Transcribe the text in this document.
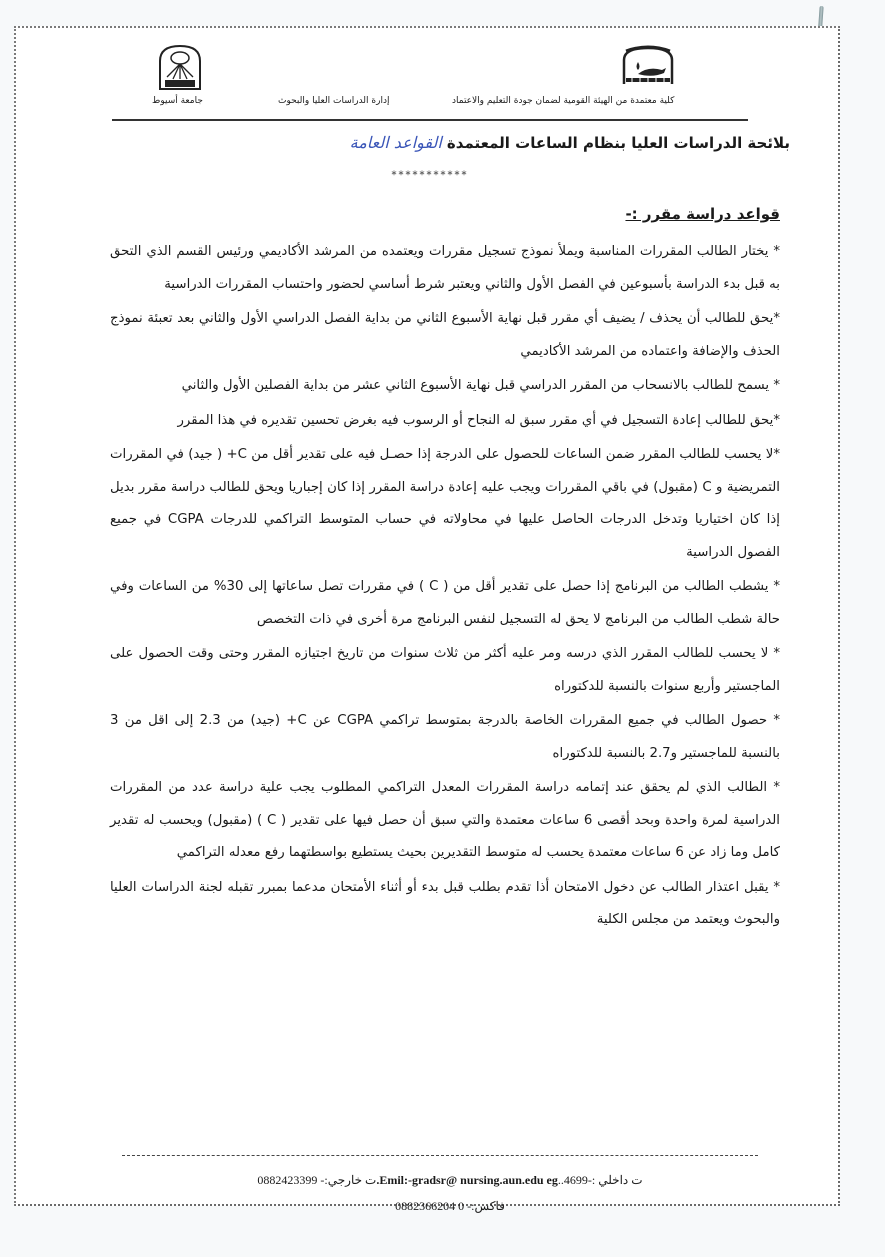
جامعة أسيوط	إدارة الدراسات العليا والبحوث	كلية معتمدة من الهيئة القومية لضمان جودة التعليم والاعتماد
بلائحة الدراسات العليا بنظام الساعات المعتمدة القواعد العامة
***********
قواعد دراسة مقرر :-

* يختار الطالب المقررات المناسبة ويملأ نموذج تسجيل مقررات ويعتمده من المرشد الأكاديمي ورئيس القسم الذي التحق به قبل بدء الدراسة بأسبوعين في الفصل الأول والثاني ويعتبر شرط أساسي لحضور واحتساب المقررات الدراسية

*يحق للطالب أن يحذف / يضيف أي مقرر قبل نهاية الأسبوع الثاني من بداية الفصل الدراسي الأول والثاني بعد تعبئة نموذج الحذف والإضافة واعتماده من المرشد الأكاديمي

* يسمح للطالب بالانسحاب من المقرر الدراسي قبل نهاية الأسبوع الثاني عشر من بداية الفصلين الأول والثاني

*يحق للطالب إعادة التسجيل في أي مقرر سبق له النجاح أو الرسوب فيه بغرض تحسين تقديره في هذا المقرر

*لا يحسب للطالب المقرر ضمن الساعات للحصول على الدرجة إذا حصـل فيه على تقدير أقل من C+ ( جيد) في المقررات التمريضية و C (مقبول) في باقي المقررات ويجب عليه إعادة دراسة المقرر إذا كان إجباريا ويحق للطالب دراسة مقرر بديل إذا كان اختياريا وتدخل الدرجات الحاصل عليها في محاولاته في حساب المتوسط التراكمي للدرجات CGPA في جميع الفصول الدراسية

* يشطب الطالب من البرنامج إذا حصل على تقدير أقل من ( C ) في مقررات تصل ساعاتها إلى 30% من الساعات وفي حالة شطب الطالب من البرنامج لا يحق له التسجيل لنفس البرنامج مرة أخرى في ذات التخصص

* لا يحسب للطالب المقرر الذي درسه ومر عليه أكثر من ثلاث سنوات من تاريخ اجتيازه المقرر وحتى وقت الحصول على الماجستير وأربع سنوات بالنسبة للدكتوراه

* حصول الطالب في جميع المقررات الخاصة بالدرجة بمتوسط تراكمي CGPA عن C+ (جيد) من 2.3 إلى اقل من 3 بالنسبة للماجستير و2.7 بالنسبة للدكتوراه

* الطالب الذي لم يحقق عند إتمامه دراسة المقررات المعدل التراكمي المطلوب يجب علية دراسة عدد من المقررات الدراسية لمرة واحدة وبحد أقصى 6 ساعات معتمدة والتي سبق أن حصل فيها على تقدير ( C ) (مقبول) ويحسب له تقدير كامل وما زاد عن 6 ساعات معتمدة يحسب له متوسط التقديرين بحيث يستطيع بواسطتهما رفع معدله التراكمي

* يقبل اعتذار الطالب عن دخول الامتحان أذا تقدم بطلب قبل بدء أو أثناء الأمتحان مدعما بمبرر تقبله لجنة الدراسات العليا والبحوث ويعتمد من مجلس الكلية

ت داخلي :-4699..Emil:-gradsr@ nursing.aun.edu eg.ت خارجي:- 0882423399
فاكس:- 0 0882366204
